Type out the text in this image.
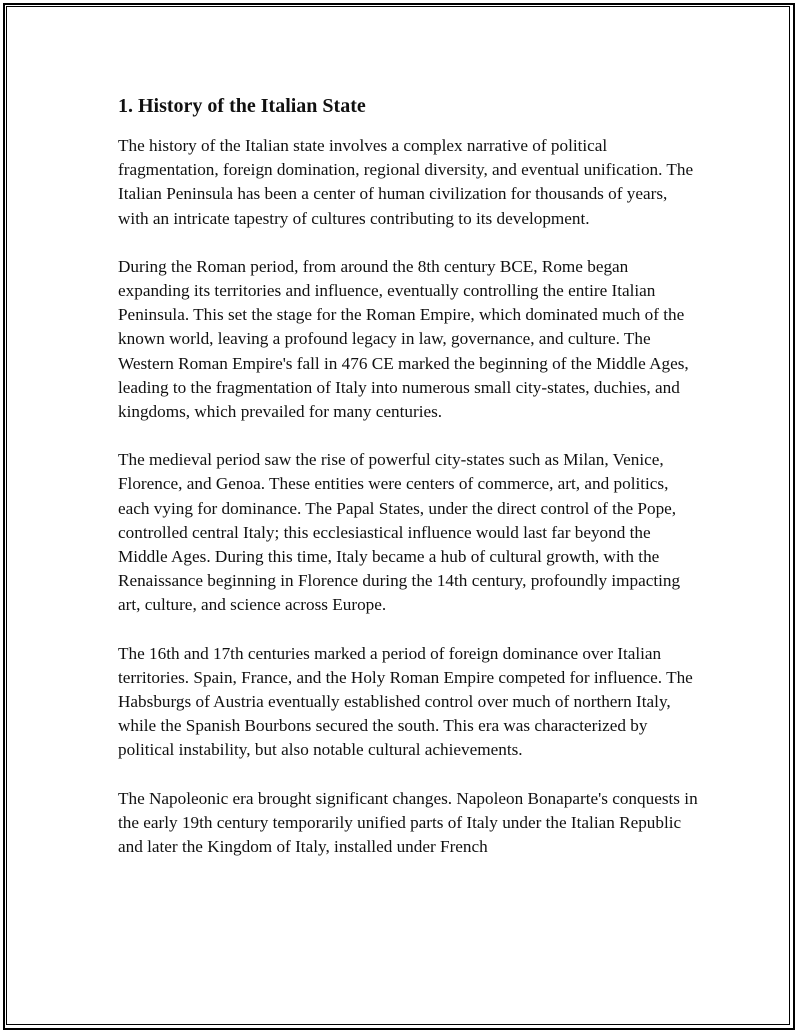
1. History of the Italian State

The history of the Italian state involves a complex narrative of political fragmentation, foreign domination, regional diversity, and eventual unification. The Italian Peninsula has been a center of human civilization for thousands of years, with an intricate tapestry of cultures contributing to its development.

During the Roman period, from around the 8th century BCE, Rome began expanding its territories and influence, eventually controlling the entire Italian Peninsula. This set the stage for the Roman Empire, which dominated much of the known world, leaving a profound legacy in law, governance, and culture. The Western Roman Empire's fall in 476 CE marked the beginning of the Middle Ages, leading to the fragmentation of Italy into numerous small city-states, duchies, and kingdoms, which prevailed for many centuries.

The medieval period saw the rise of powerful city-states such as Milan, Venice, Florence, and Genoa. These entities were centers of commerce, art, and politics, each vying for dominance. The Papal States, under the direct control of the Pope, controlled central Italy; this ecclesiastical influence would last far beyond the Middle Ages. During this time, Italy became a hub of cultural growth, with the Renaissance beginning in Florence during the 14th century, profoundly impacting art, culture, and science across Europe.

The 16th and 17th centuries marked a period of foreign dominance over Italian territories. Spain, France, and the Holy Roman Empire competed for influence. The Habsburgs of Austria eventually established control over much of northern Italy, while the Spanish Bourbons secured the south. This era was characterized by political instability, but also notable cultural achievements.

The Napoleonic era brought significant changes. Napoleon Bonaparte's conquests in the early 19th century temporarily unified parts of Italy under the Italian Republic and later the Kingdom of Italy, installed under French
